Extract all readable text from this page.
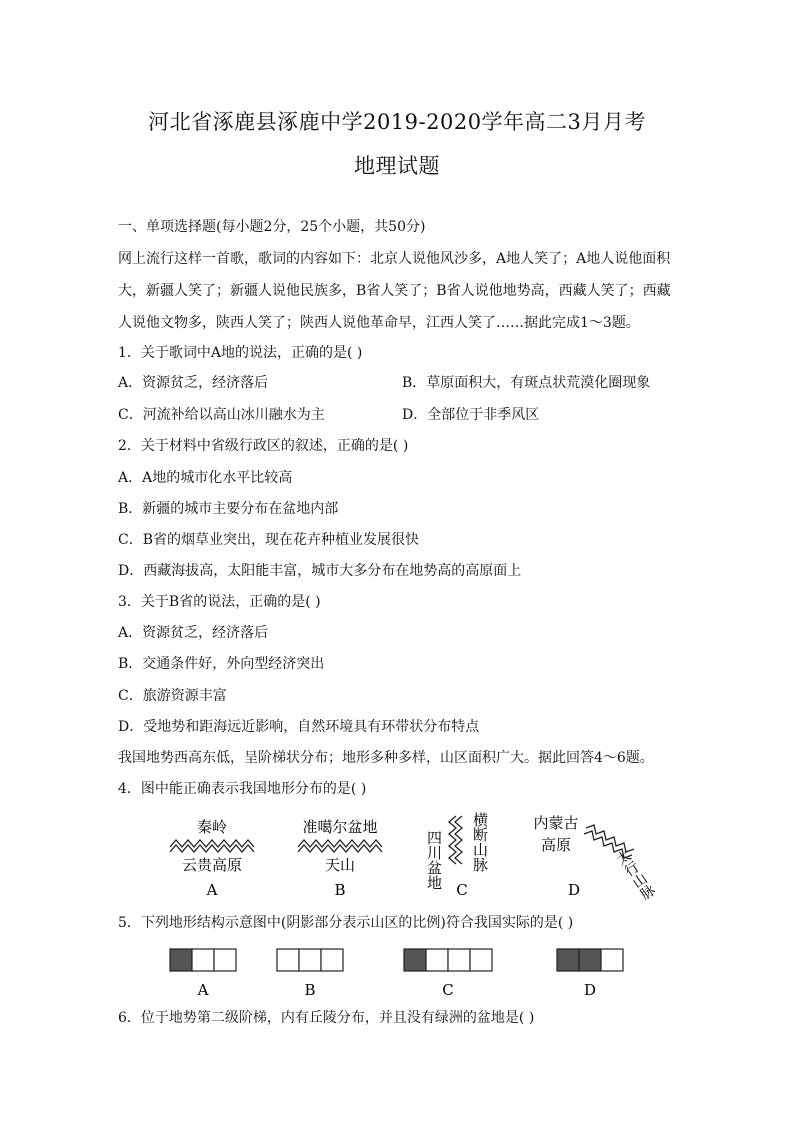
河北省涿鹿县涿鹿中学2019-2020学年高二3月月考
地理试题
一、单项选择题(每小题2分，25个小题，共50分)
网上流行这样一首歌，歌词的内容如下：北京人说他风沙多，A地人笑了；A地人说他面积
大，新疆人笑了；新疆人说他民族多，B省人笑了；B省人说他地势高，西藏人笑了；西藏
人说他文物多，陕西人笑了；陕西人说他革命早，江西人笑了……据此完成1～3题。
1．关于歌词中A地的说法，正确的是( )
A．资源贫乏，经济落后	B．草原面积大，有斑点状荒漠化圈现象
C．河流补给以高山冰川融水为主	D．全部位于非季风区
2．关于材料中省级行政区的叙述，正确的是( )
A．A地的城市化水平比较高
B．新疆的城市主要分布在盆地内部
C．B省的烟草业突出，现在花卉种植业发展很快
D．西藏海拔高，太阳能丰富，城市大多分布在地势高的高原面上
3．关于B省的说法，正确的是( )
A．资源贫乏，经济落后
B．交通条件好，外向型经济突出
C．旅游资源丰富
D．受地势和距海远近影响，自然环境具有环带状分布特点
我国地势西高东低，呈阶梯状分布；地形多种多样，山区面积广大。据此回答4～6题。
4．图中能正确表示我国地形分布的是( )
秦岭
云贵高原
A
准噶尔盆地
天山
B	四川盆地 横断山脉
C
内蒙古
高原
太行山脉
D
5．下列地形结构示意图中(阴影部分表示山区的比例)符合我国实际的是( )
A	B	C	D
6．位于地势第二级阶梯，内有丘陵分布，并且没有绿洲的盆地是( )
